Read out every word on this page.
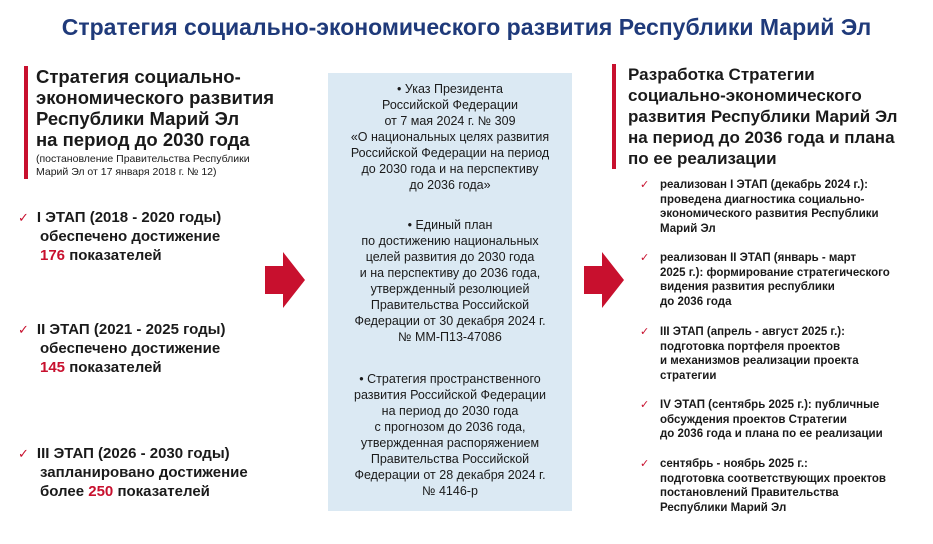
Стратегия социально-экономического развития Республики Марий Эл
Стратегия социально-
экономического развития
Республики Марий Эл
на период до 2030 года
(постановление Правительства Республики
Марий Эл от 17 января 2018 г. № 12)
✓ I ЭТАП (2018 - 2020 годы)
обеспечено достижение
176 показателей
✓ II ЭТАП (2021 - 2025 годы)
обеспечено достижение
145 показателей
✓ III ЭТАП (2026 - 2030 годы)
запланировано достижение
более 250 показателей
• Указ Президента
Российской Федерации
от 7 мая 2024 г. № 309
«О национальных целях развития
Российской Федерации на период
до 2030 года и на перспективу
до 2036 года»
• Единый план
по достижению национальных
целей развития до 2030 года
и на перспективу до 2036 года,
утвержденный резолюцией
Правительства Российской
Федерации от 30 декабря 2024 г.
№ ММ-П13-47086
• Стратегия пространственного
развития Российской Федерации
на период до 2030 года
с прогнозом до 2036 года,
утвержденная распоряжением
Правительства Российской
Федерации от 28 декабря 2024 г.
№ 4146-р
Разработка Стратегии
социально-экономического
развития Республики Марий Эл
на период до 2036 года и плана
по ее реализации
✓ реализован I ЭТАП (декабрь 2024 г.):
проведена диагностика социально-
экономического развития Республики
Марий Эл
✓ реализован II ЭТАП (январь - март
2025 г.): формирование стратегического
видения развития республики
до 2036 года
✓ III ЭТАП (апрель - август 2025 г.):
подготовка портфеля проектов
и механизмов реализации проекта
стратегии
✓ IV ЭТАП (сентябрь 2025 г.): публичные
обсуждения проектов Стратегии
до 2036 года и плана по ее реализации
✓ сентябрь - ноябрь 2025 г.:
подготовка соответствующих проектов
постановлений Правительства
Республики Марий Эл
